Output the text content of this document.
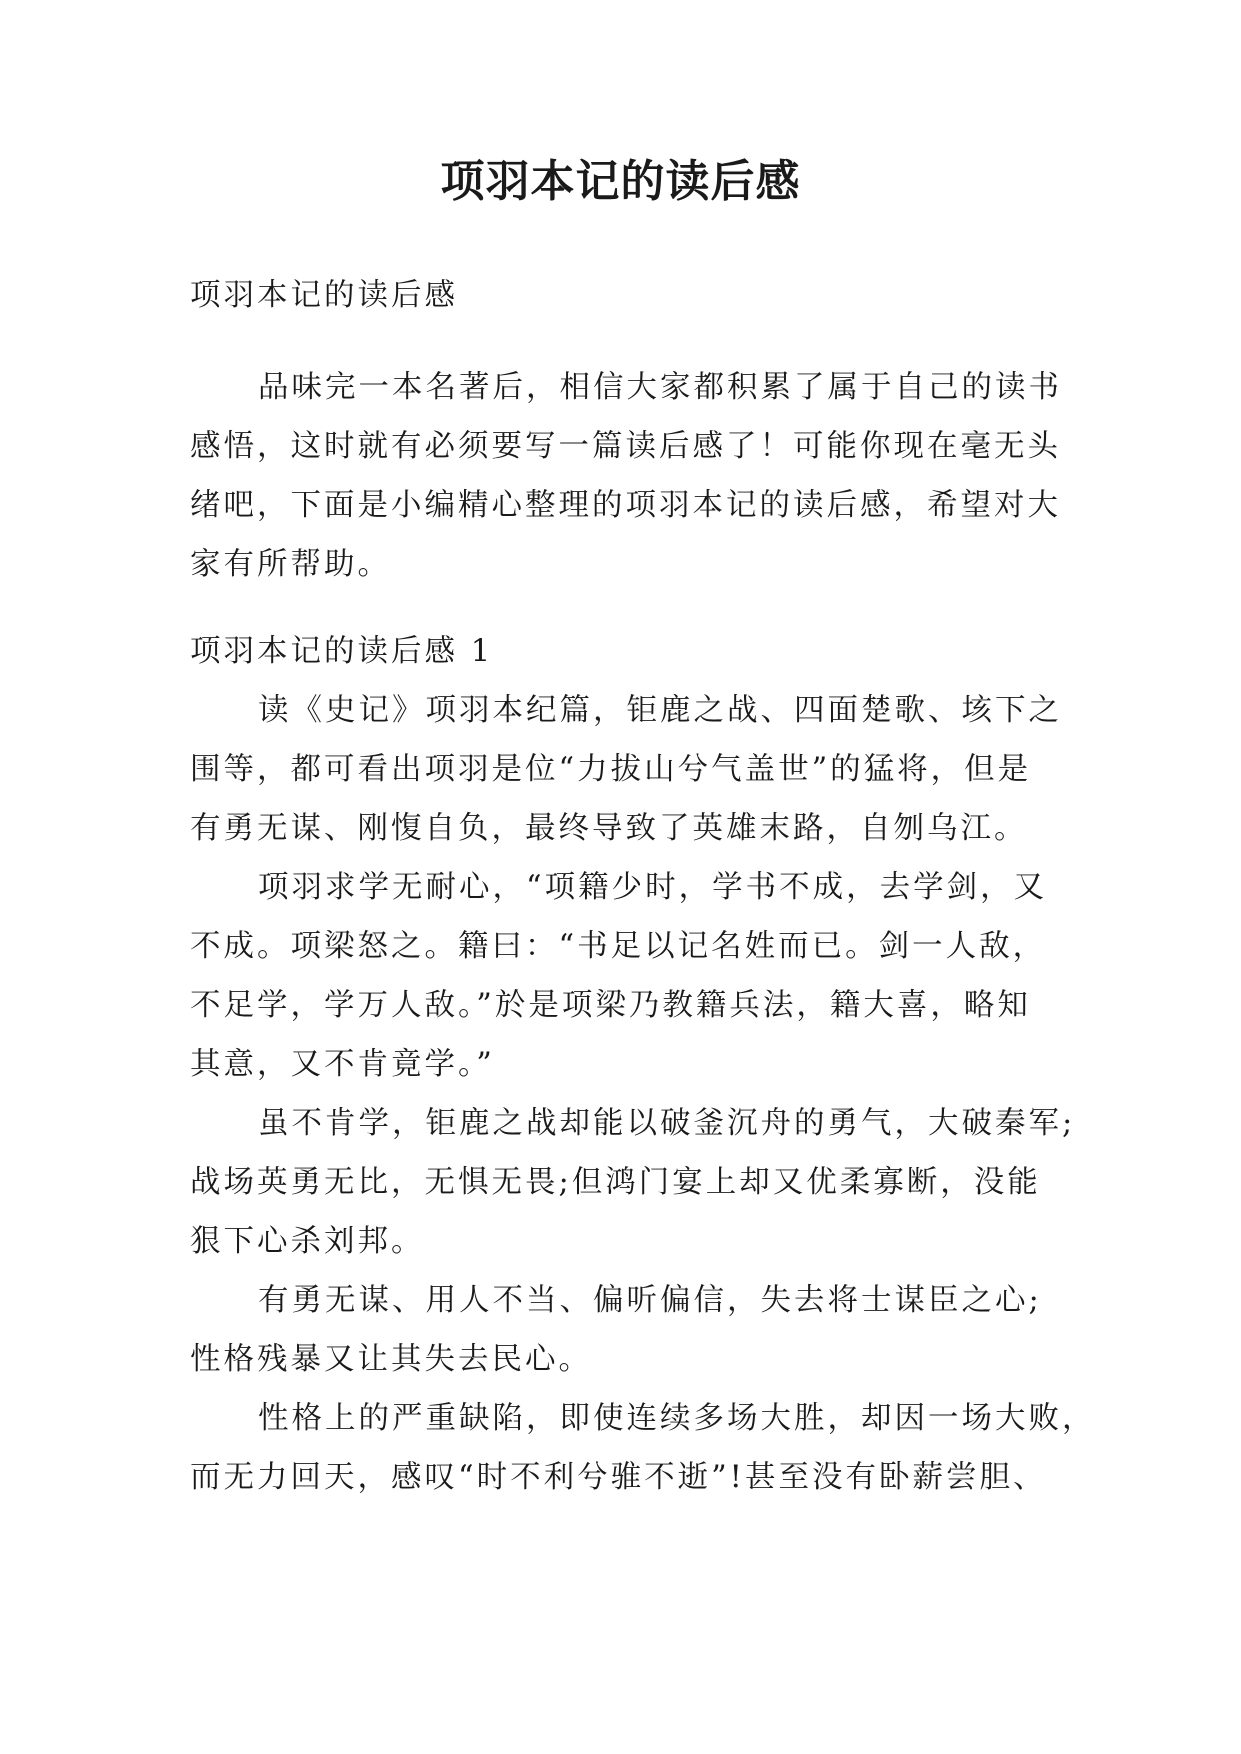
项羽本记的读后感

项羽本记的读后感

品味完一本名著后，相信大家都积累了属于自己的读书

感悟，这时就有必须要写一篇读后感了！可能你现在毫无头

绪吧，下面是小编精心整理的项羽本记的读后感，希望对大

家有所帮助。

项羽本记的读后感 1

读《史记》项羽本纪篇，钜鹿之战、四面楚歌、垓下之

围等，都可看出项羽是位“力拔山兮气盖世”的猛将，但是

有勇无谋、刚愎自负，最终导致了英雄末路，自刎乌江。

项羽求学无耐心，“项籍少时，学书不成，去学剑，又

不成。项梁怒之。籍曰：“书足以记名姓而已。剑一人敌，

不足学，学万人敌。”於是项梁乃教籍兵法，籍大喜，略知

其意，又不肯竟学。”

虽不肯学，钜鹿之战却能以破釜沉舟的勇气，大破秦军;

战场英勇无比，无惧无畏;但鸿门宴上却又优柔寡断，没能

狠下心杀刘邦。

有勇无谋、用人不当、偏听偏信，失去将士谋臣之心;

性格残暴又让其失去民心。

性格上的严重缺陷，即使连续多场大胜，却因一场大败，

而无力回天，感叹“时不利兮骓不逝”!甚至没有卧薪尝胆、
